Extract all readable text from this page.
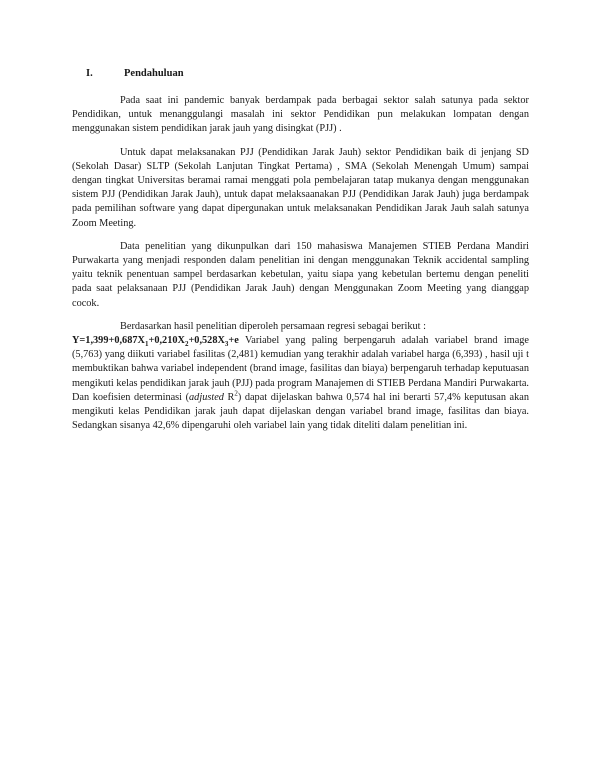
I.	Pendahuluan

Pada saat ini pandemic banyak berdampak pada berbagai sektor salah satunya pada sektor Pendidikan, untuk menanggulangi masalah ini sektor Pendidikan pun melakukan lompatan dengan menggunakan sistem pendidikan jarak jauh yang disingkat (PJJ) .

Untuk dapat melaksanakan PJJ (Pendidikan Jarak Jauh) sektor Pendidikan baik di jenjang SD (Sekolah Dasar) SLTP (Sekolah Lanjutan Tingkat Pertama) , SMA (Sekolah Menengah Umum) sampai dengan tingkat Universitas beramai ramai menggati pola pembelajaran tatap mukanya dengan menggunakan sistem PJJ (Pendidikan Jarak Jauh), untuk dapat melaksaanakan PJJ (Pendidikan Jarak Jauh) juga berdampak pada pemilihan software yang dapat dipergunakan untuk melaksanakan Pendidikan Jarak Jauh salah satunya Zoom Meeting.

Data penelitian yang dikunpulkan dari 150 mahasiswa Manajemen STIEB Perdana Mandiri Purwakarta yang menjadi responden dalam penelitian ini dengan menggunakan Teknik accidental sampling yaitu teknik penentuan sampel berdasarkan kebetulan, yaitu siapa yang kebetulan bertemu dengan peneliti pada saat pelaksanaan PJJ (Pendidikan Jarak Jauh) dengan Menggunakan Zoom Meeting yang dianggap cocok.

Berdasarkan hasil penelitian diperoleh persamaan regresi sebagai berikut :
$Y=1,399+0,687X_1+0,210X_2+0,528X_3+e$ Variabel yang paling berpengaruh adalah variabel brand image (5,763) yang diikuti variabel fasilitas (2,481) kemudian yang terakhir adalah variabel harga (6,393) , hasil uji t membuktikan bahwa variabel independent (brand image, fasilitas dan biaya) berpengaruh terhadap keputuasan mengikuti kelas pendidikan jarak jauh (PJJ) pada program Manajemen di STIEB Perdana Mandiri Purwakarta. Dan koefisien determinasi (adjusted $R^2$) dapat dijelaskan bahwa 0,574 hal ini berarti 57,4% keputusan akan mengikuti kelas Pendidikan jarak jauh dapat dijelaskan dengan variabel brand image, fasilitas dan biaya. Sedangkan sisanya 42,6% dipengaruhi oleh variabel lain yang tidak diteliti dalam penelitian ini.
